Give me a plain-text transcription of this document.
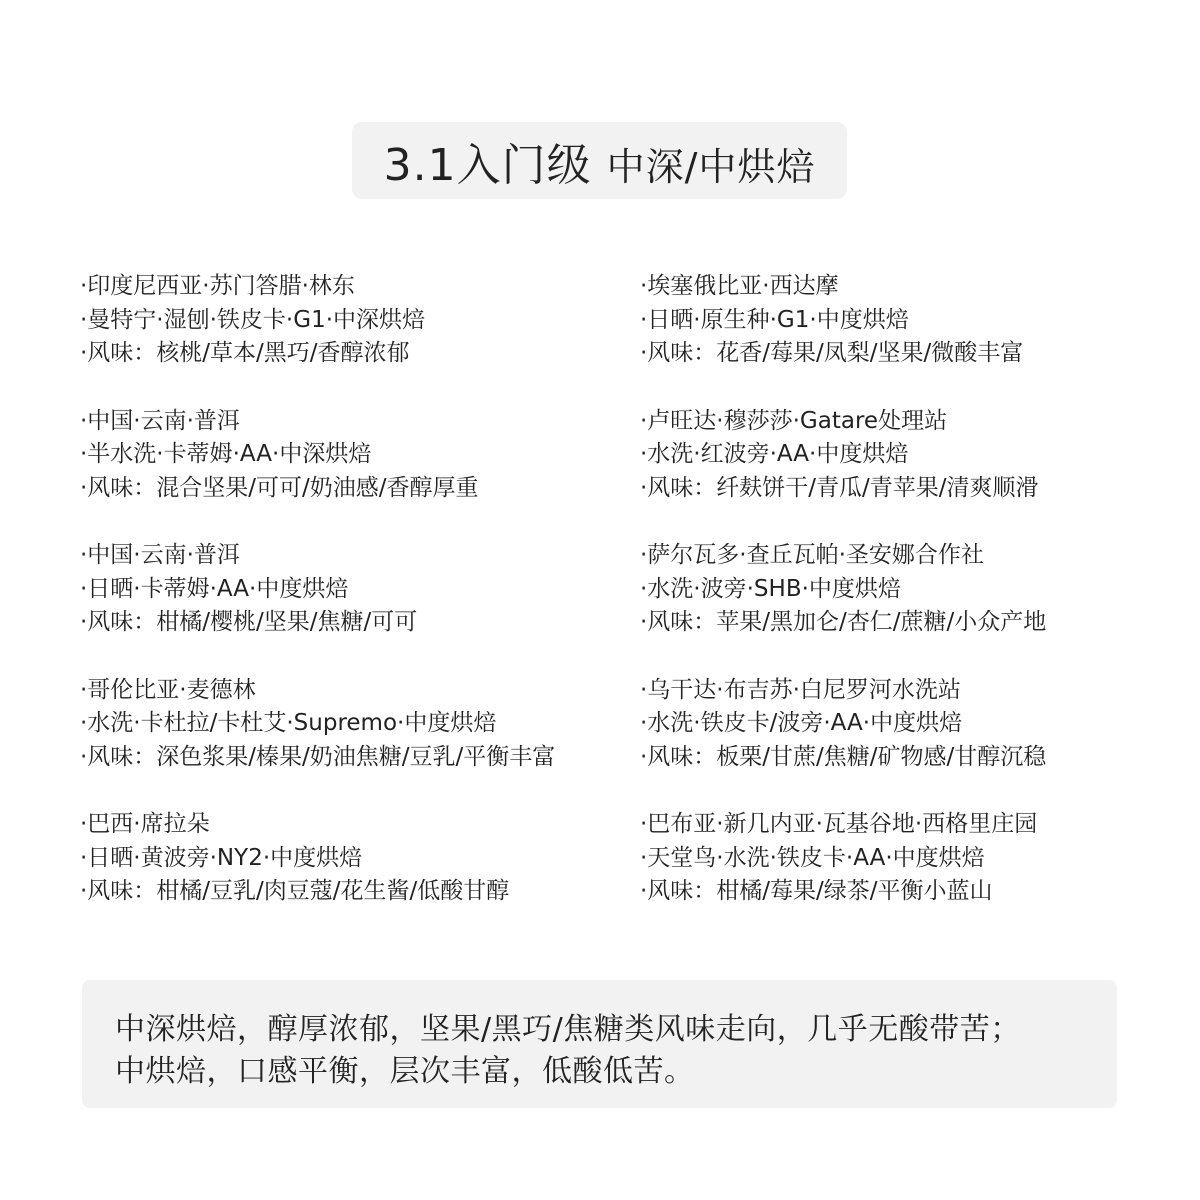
3.1入门级 中深/中烘焙
·印度尼西亚·苏门答腊·林东
·曼特宁·湿刨·铁皮卡·G1·中深烘焙
·风味：核桃/草本/黑巧/香醇浓郁
·中国·云南·普洱
·半水洗·卡蒂姆·AA·中深烘焙
·风味：混合坚果/可可/奶油感/香醇厚重
·中国·云南·普洱
·日晒·卡蒂姆·AA·中度烘焙
·风味：柑橘/樱桃/坚果/焦糖/可可
·哥伦比亚·麦德林
·水洗·卡杜拉/卡杜艾·Supremo·中度烘焙
·风味：深色浆果/榛果/奶油焦糖/豆乳/平衡丰富
·巴西·席拉朵
·日晒·黄波旁·NY2·中度烘焙
·风味：柑橘/豆乳/肉豆蔻/花生酱/低酸甘醇
·埃塞俄比亚·西达摩
·日晒·原生种·G1·中度烘焙
·风味：花香/莓果/凤梨/坚果/微酸丰富
·卢旺达·穆莎莎·Gatare处理站
·水洗·红波旁·AA·中度烘焙
·风味：纤麸饼干/青瓜/青苹果/清爽顺滑
·萨尔瓦多·查丘瓦帕·圣安娜合作社
·水洗·波旁·SHB·中度烘焙
·风味：苹果/黑加仑/杏仁/蔗糖/小众产地
·乌干达·布吉苏·白尼罗河水洗站
·水洗·铁皮卡/波旁·AA·中度烘焙
·风味：板栗/甘蔗/焦糖/矿物感/甘醇沉稳
·巴布亚·新几内亚·瓦基谷地·西格里庄园
·天堂鸟·水洗·铁皮卡·AA·中度烘焙
·风味：柑橘/莓果/绿茶/平衡小蓝山
中深烘焙，醇厚浓郁，坚果/黑巧/焦糖类风味走向，几乎无酸带苦；
中烘焙，口感平衡，层次丰富，低酸低苦。
